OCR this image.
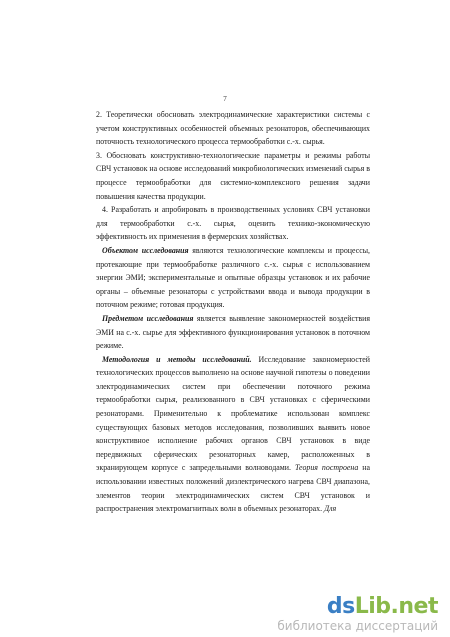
7

2. Теоретически обосновать электродинамические характеристики системы с учетом конструктивных особенностей объемных резонаторов, обеспечивающих поточность технологического процесса термообработки с.-х. сырья.

3. Обосновать конструктивно-технологические параметры и режимы работы СВЧ установок на основе исследований микробиологических изменений сырья в процессе термообработки для системно-комплексного решения задачи повышения качества продукции.

4. Разработать и апробировать в производственных условиях СВЧ установки для термообработки с.-х. сырья, оценить технико-экономическую эффективность их применения в фермерских хозяйствах.

Объектом исследования являются технологические комплексы и процессы, протекающие при термообработке различного с.-х. сырья с использованием энергии ЭМИ; экспериментальные и опытные образцы установок и их рабочие органы – объемные резонаторы с устройствами ввода и вывода продукции в поточном режиме; готовая продукция.

Предметом исследования является выявление закономерностей воздействия ЭМИ на с.-х. сырье для эффективного функционирования установок в поточном режиме.

Методология и методы исследований. Исследование закономерностей технологических процессов выполнено на основе научной гипотезы о поведении электродинамических систем при обеспечении поточного режима термообработки сырья, реализованного в СВЧ установках с сферическими резонаторами. Применительно к проблематике использован комплекс существующих базовых методов исследования, позволивших выявить новое конструктивное исполнение рабочих органов СВЧ установок в виде передвижных сферических резонаторных камер, расположенных в экранирующем корпусе с запредельными волноводами. Теория построена на использовании известных положений диэлектрического нагрева СВЧ диапазона, элементов теории электродинамических систем СВЧ установок и распространения электромагнитных волн в объемных резонаторах. Для

dsLib.net
библиотека диссертаций
